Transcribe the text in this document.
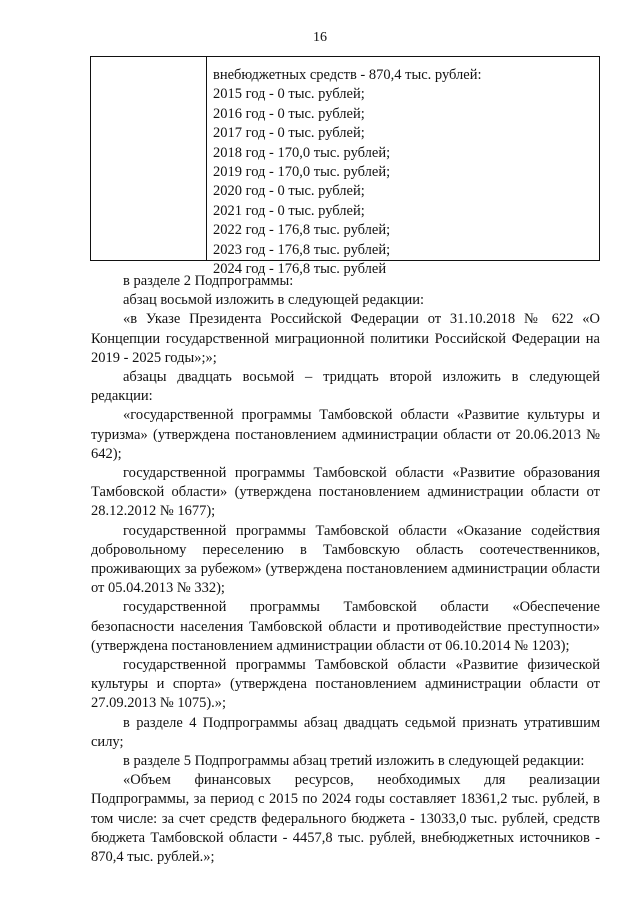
16
внебюджетных средств - 870,4 тыс. рублей:
2015 год - 0 тыс. рублей;
2016 год - 0 тыс. рублей;
2017 год - 0 тыс. рублей;
2018 год - 170,0 тыс. рублей;
2019 год - 170,0 тыс. рублей;
2020 год - 0 тыс. рублей;
2021 год - 0 тыс. рублей;
2022 год - 176,8 тыс. рублей;
2023 год - 176,8 тыс. рублей;
2024 год - 176,8 тыс. рублей

в разделе 2 Подпрограммы:

абзац восьмой изложить в следующей редакции:

«в Указе Президента Российской Федерации от 31.10.2018 № 622 «О Концепции государственной миграционной политики Российской Федерации на 2019 - 2025 годы»;»;

абзацы двадцать восьмой – тридцать второй изложить в следующей редакции:

«государственной программы Тамбовской области «Развитие культуры и туризма» (утверждена постановлением администрации области от 20.06.2013 № 642);

государственной программы Тамбовской области «Развитие образования Тамбовской области» (утверждена постановлением администрации области от 28.12.2012 № 1677);

государственной программы Тамбовской области «Оказание содействия добровольному переселению в Тамбовскую область соотечественников, проживающих за рубежом» (утверждена постановлением администрации области от 05.04.2013 № 332);

государственной программы Тамбовской области «Обеспечение безопасности населения Тамбовской области и противодействие преступности» (утверждена постановлением администрации области от 06.10.2014 № 1203);

государственной программы Тамбовской области «Развитие физической культуры и спорта» (утверждена постановлением администрации области от 27.09.2013 № 1075).»;

в разделе 4 Подпрограммы абзац двадцать седьмой признать утратившим силу;

в разделе 5 Подпрограммы абзац третий изложить в следующей редакции:

«Объем финансовых ресурсов, необходимых для реализации Подпрограммы, за период с 2015 по 2024 годы составляет 18361,2 тыс. рублей, в том числе: за счет средств федерального бюджета - 13033,0 тыс. рублей, средств бюджета Тамбовской области - 4457,8 тыс. рублей, внебюджетных источников - 870,4 тыс. рублей.»;
